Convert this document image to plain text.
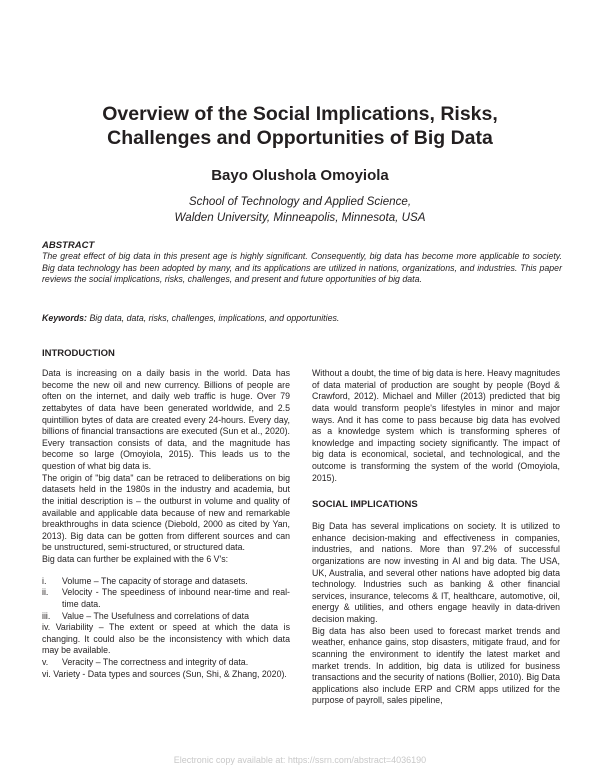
Overview of the Social Implications, Risks,
Challenges and Opportunities of Big Data
Bayo Olushola Omoyiola
School of Technology and Applied Science,
Walden University, Minneapolis, Minnesota, USA
ABSTRACT
The great effect of big data in this present age is highly significant. Consequently, big data has become more applicable to society. Big data technology has been adopted by many, and its applications are utilized in nations, organizations, and industries. This paper reviews the social implications, risks, challenges, and present and future opportunities of big data.
Keywords: Big data, data, risks, challenges, implications, and opportunities.
INTRODUCTION

Data is increasing on a daily basis in the world. Data has become the new oil and new currency. Billions of people are often on the internet, and daily web traffic is huge. Over 79 zettabytes of data have been generated worldwide, and 2.5 quintillion bytes of data are created every 24-hours. Every day, billions of financial transactions are executed (Sun et al., 2020). Every transaction consists of data, and the magnitude has become so large (Omoyiola, 2015). This leads us to the question of what big data is.

The origin of "big data" can be retraced to deliberations on big datasets held in the 1980s in the industry and academia, but the initial description is – the outburst in volume and quality of available and applicable data because of new and remarkable breakthroughs in data science (Diebold, 2000 as cited by Yan, 2013). Big data can be gotten from different sources and can be unstructured, semi-structured, or structured data.

Big data can further be explained with the 6 V's:

i. Volume – The capacity of storage and datasets.
ii. Velocity - The speediness of inbound near-time and real-time data.
iii. Value – The Usefulness and correlations of data
iv. Variability – The extent or speed at which the data is changing. It could also be the inconsistency with which data may be available.
v. Veracity – The correctness and integrity of data.
vi. Variety - Data types and sources (Sun, Shi, & Zhang, 2020).

Without a doubt, the time of big data is here. Heavy magnitudes of data material of production are sought by people (Boyd & Crawford, 2012). Michael and Miller (2013) predicted that big data would transform people's lifestyles in minor and major ways. And it has come to pass because big data has evolved as a knowledge system which is transforming spheres of knowledge and impacting society significantly. The impact of big data is economical, societal, and technological, and the outcome is transforming the system of the world (Omoyiola, 2015).

SOCIAL IMPLICATIONS

Big Data has several implications on society. It is utilized to enhance decision-making and effectiveness in companies, industries, and nations. More than 97.2% of successful organizations are now investing in AI and big data. The USA, UK, Australia, and several other nations have adopted big data technology. Industries such as banking & other financial services, insurance, telecoms & IT, healthcare, automotive, oil, energy & utilities, and others engage heavily in data-driven decision making.

Big data has also been used to forecast market trends and weather, enhance gains, stop disasters, mitigate fraud, and for scanning the environment to identify the latest market and market trends. In addition, big data is utilized for business transactions and the security of nations (Bollier, 2010). Big Data applications also include ERP and CRM apps utilized for the purpose of payroll, sales pipeline,

Electronic copy available at: https://ssrn.com/abstract=4036190
